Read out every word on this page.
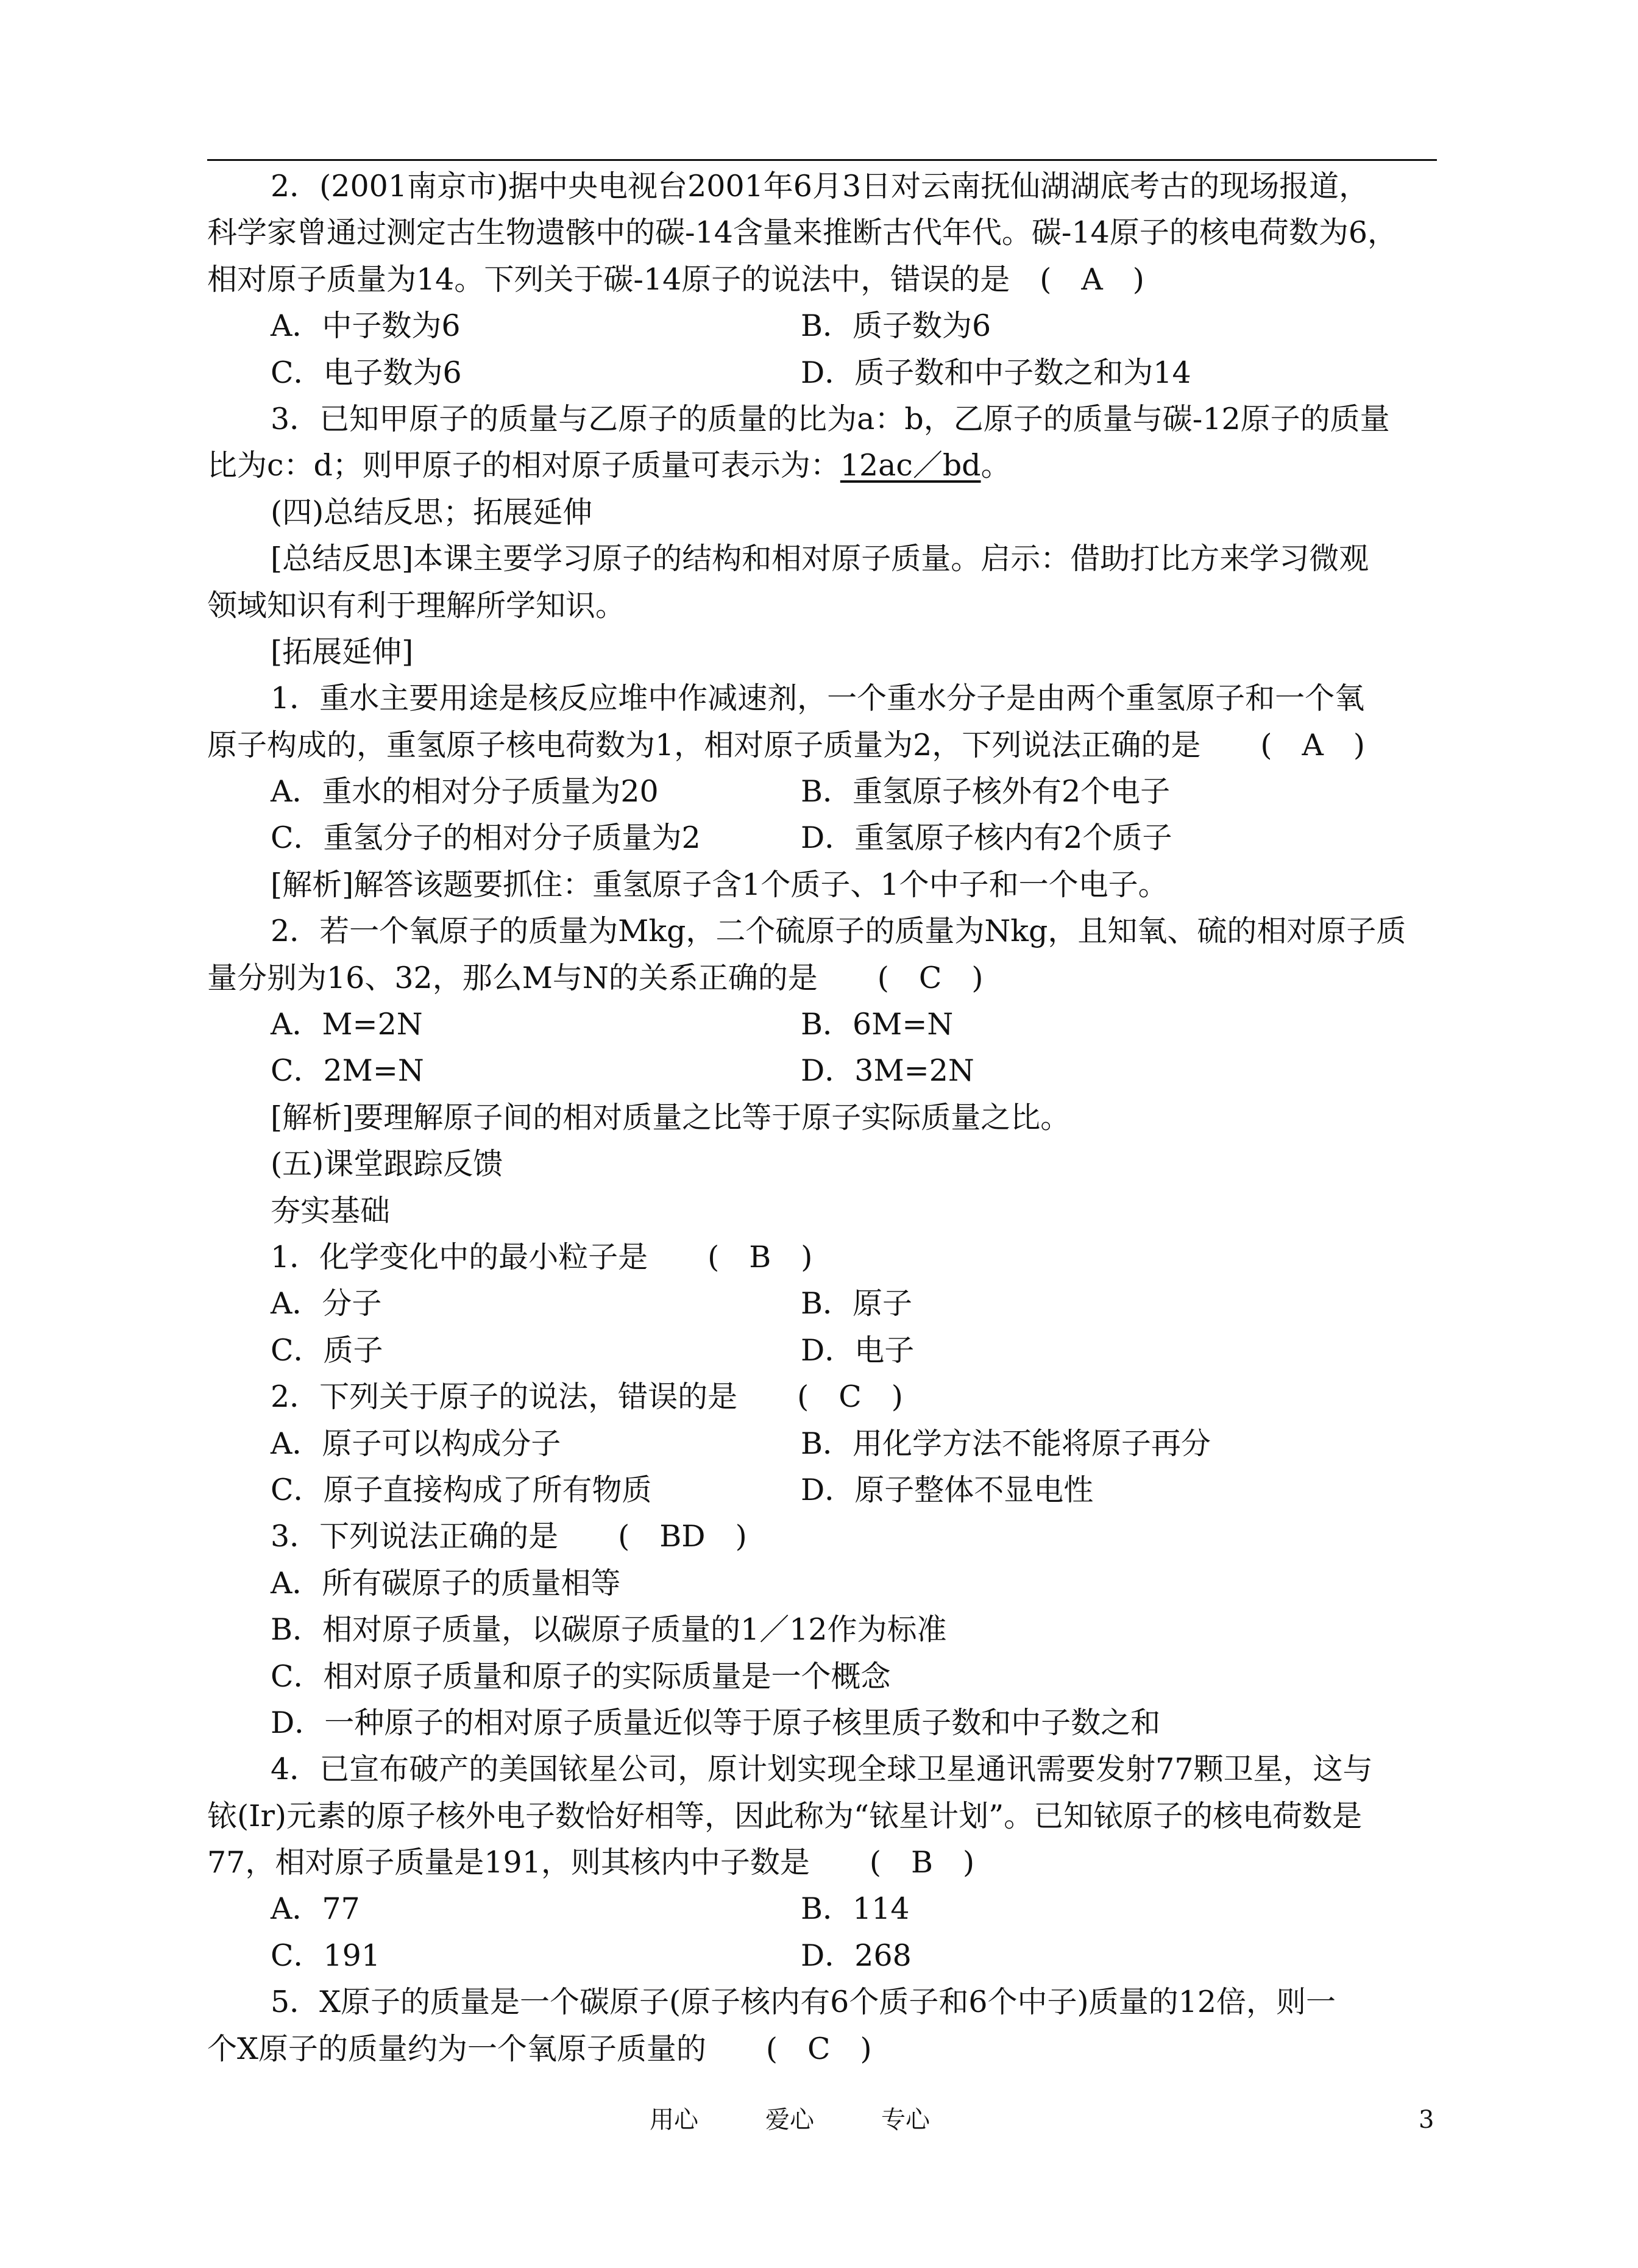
2．(2001南京市)据中央电视台2001年6月3日对云南抚仙湖湖底考古的现场报道，
科学家曾通过测定古生物遗骸中的碳-14含量来推断古代年代。碳-14原子的核电荷数为6，
相对原子质量为14。下列关于碳-14原子的说法中，错误的是　(　A　)
A．中子数为6	B．质子数为6
C．电子数为6	D．质子数和中子数之和为14
3．已知甲原子的质量与乙原子的质量的比为a：b，乙原子的质量与碳-12原子的质量
比为c：d；则甲原子的相对原子质量可表示为：12ac／bd。
(四)总结反思；拓展延伸
[总结反思]本课主要学习原子的结构和相对原子质量。启示：借助打比方来学习微观
领域知识有利于理解所学知识。
[拓展延伸]
1．重水主要用途是核反应堆中作减速剂，一个重水分子是由两个重氢原子和一个氧
原子构成的，重氢原子核电荷数为1，相对原子质量为2，下列说法正确的是　　(　A　)
A．重水的相对分子质量为20	B．重氢原子核外有2个电子
C．重氢分子的相对分子质量为2	D．重氢原子核内有2个质子
[解析]解答该题要抓住：重氢原子含1个质子、1个中子和一个电子。
2．若一个氧原子的质量为Mkg，二个硫原子的质量为Nkg，且知氧、硫的相对原子质
量分别为16、32，那么M与N的关系正确的是　　(　C　)
A．M=2N	B．6M=N
C．2M=N	D．3M=2N
[解析]要理解原子间的相对质量之比等于原子实际质量之比。
(五)课堂跟踪反馈
夯实基础
1．化学变化中的最小粒子是　　(　B　)
A．分子	B．原子
C．质子	D．电子
2．下列关于原子的说法，错误的是　　(　C　)
A．原子可以构成分子	B．用化学方法不能将原子再分
C．原子直接构成了所有物质	D．原子整体不显电性
3．下列说法正确的是　　(　BD　)
A．所有碳原子的质量相等
B．相对原子质量，以碳原子质量的1／12作为标准
C．相对原子质量和原子的实际质量是一个概念
D．一种原子的相对原子质量近似等于原子核里质子数和中子数之和
4．已宣布破产的美国铱星公司，原计划实现全球卫星通讯需要发射77颗卫星，这与
铱(Ir)元素的原子核外电子数恰好相等，因此称为“铱星计划”。已知铱原子的核电荷数是
77，相对原子质量是191，则其核内中子数是　　(　B　)
A．77	B．114
C．191	D．268
5．X原子的质量是一个碳原子(原子核内有6个质子和6个中子)质量的12倍，则一
个X原子的质量约为一个氧原子质量的　　(　C　)
用心	爱心	专心	3
